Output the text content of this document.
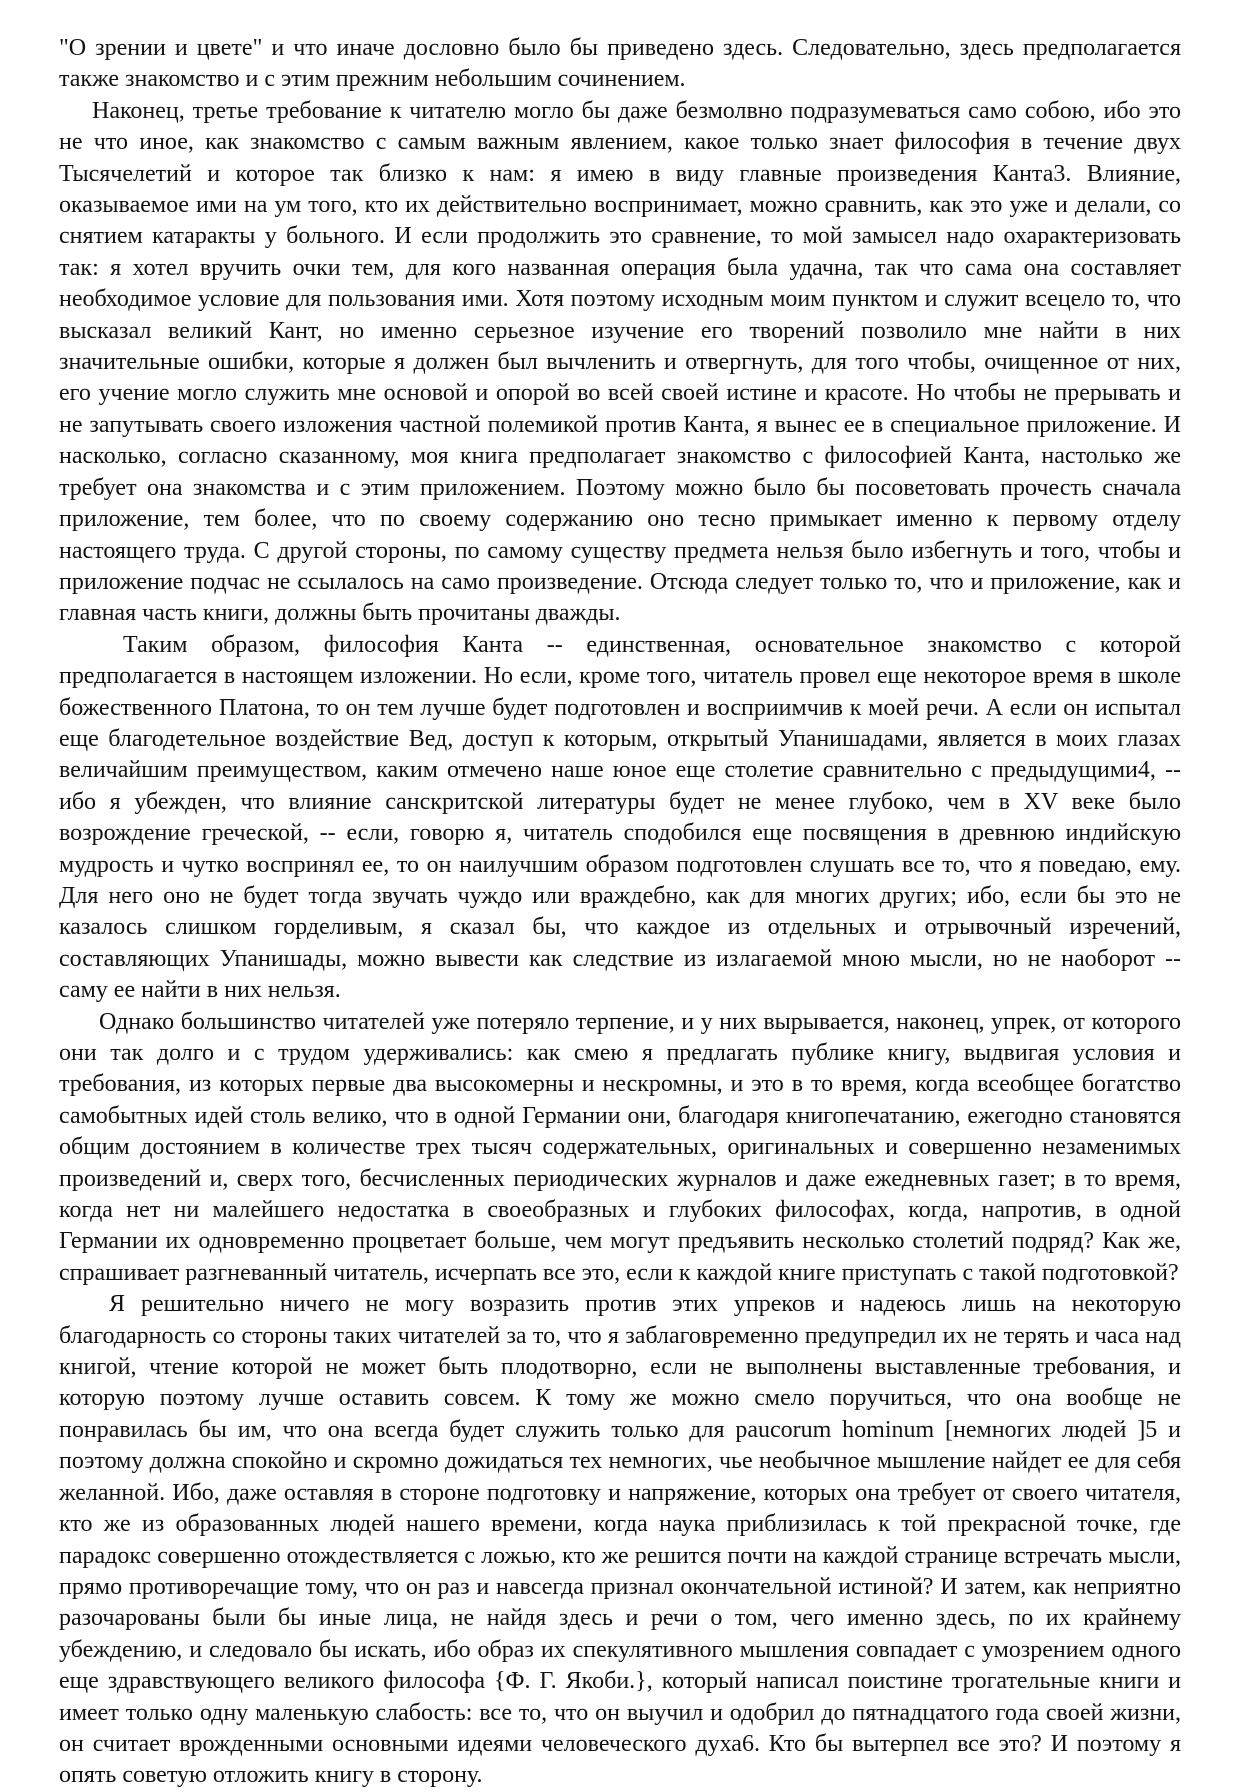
"О зрении и цвете" и что иначе дословно было бы приведено здесь. Следовательно, здесь предполагается также знакомство и с этим прежним небольшим сочинением.

Наконец, третье требование к читателю могло бы даже безмолвно подразумеваться само собою, ибо это не что иное, как знакомство с самым важным явлением, какое только знает философия в течение двух Тысячелетий и которое так близко к нам: я имею в виду главные произведения Канта3. Влияние, оказываемое ими на ум того, кто их действительно воспринимает, можно сравнить, как это уже и делали, со снятием катаракты у больного. И если продолжить это сравнение, то мой замысел надо охарактеризовать так: я хотел вручить очки тем, для кого названная операция была удачна, так что сама она составляет необходимое условие для пользования ими. Хотя поэтому исходным моим пунктом и служит всецело то, что высказал великий Кант, но именно серьезное изучение его творений позволило мне найти в них значительные ошибки, которые я должен был вычленить и отвергнуть, для того чтобы, очищенное от них, его учение могло служить мне основой и опорой во всей своей истине и красоте. Но чтобы не прерывать и не запутывать своего изложения частной полемикой против Канта, я вынес ее в специальное приложение. И насколько, согласно сказанному, моя книга предполагает знакомство с философией Канта, настолько же требует она знакомства и с этим приложением. Поэтому можно было бы посоветовать прочесть сначала приложение, тем более, что по своему содержанию оно тесно примыкает именно к первому отделу настоящего труда. С другой стороны, по самому существу предмета нельзя было избегнуть и того, чтобы и приложение подчас не ссылалось на само произведение. Отсюда следует только то, что и приложение, как и главная часть книги, должны быть прочитаны дважды.

Таким образом, философия Канта -- единственная, основательное знакомство с которой предполагается в настоящем изложении. Но если, кроме того, читатель провел еще некоторое время в школе божественного Платона, то он тем лучше будет подготовлен и восприимчив к моей речи. А если он испытал еще благодетельное воздействие Вед, доступ к которым, открытый Упанишадами, является в моих глазах величайшим преимуществом, каким отмечено наше юное еще столетие сравнительно с предыдущими4, -- ибо я убежден, что влияние санскритской литературы будет не менее глубоко, чем в XV веке было возрождение греческой, -- если, говорю я, читатель сподобился еще посвящения в древнюю индийскую мудрость и чутко воспринял ее, то он наилучшим образом подготовлен слушать все то, что я поведаю, ему. Для него оно не будет тогда звучать чуждо или враждебно, как для многих других; ибо, если бы это не казалось слишком горделивым, я сказал бы, что каждое из отдельных и отрывочный изречений, составляющих Упанишады, можно вывести как следствие из излагаемой мною мысли, но не наоборот -- саму ее найти в них нельзя.

Однако большинство читателей уже потеряло терпение, и у них вырывается, наконец, упрек, от которого они так долго и с трудом удерживались: как смею я предлагать публике книгу, выдвигая условия и требования, из которых первые два высокомерны и нескромны, и это в то время, когда всеобщее богатство самобытных идей столь велико, что в одной Германии они, благодаря книгопечатанию, ежегодно становятся общим достоянием в количестве трех тысяч содержательных, оригинальных и совершенно незаменимых произведений и, сверх того, бесчисленных периодических журналов и даже ежедневных газет; в то время, когда нет ни малейшего недостатка в своеобразных и глубоких философах, когда, напротив, в одной Германии их одновременно процветает больше, чем могут предъявить несколько столетий подряд? Как же, спрашивает разгневанный читатель, исчерпать все это, если к каждой книге приступать с такой подготовкой?

Я решительно ничего не могу возразить против этих упреков и надеюсь лишь на некоторую благодарность со стороны таких читателей за то, что я заблаговременно предупредил их не терять и часа над книгой, чтение которой не может быть плодотворно, если не выполнены выставленные требования, и которую поэтому лучше оставить совсем. К тому же можно смело поручиться, что она вообще не понравилась бы им, что она всегда будет служить только для paucorum hominum [немногих людей ]5 и поэтому должна спокойно и скромно дожидаться тех немногих, чье необычное мышление найдет ее для себя желанной. Ибо, даже оставляя в стороне подготовку и напряжение, которых она требует от своего читателя, кто же из образованных людей нашего времени, когда наука приблизилась к той прекрасной точке, где парадокс совершенно отождествляется с ложью, кто же решится почти на каждой странице встречать мысли, прямо противоречащие тому, что он раз и навсегда признал окончательной истиной? И затем, как неприятно разочарованы были бы иные лица, не найдя здесь и речи о том, чего именно здесь, по их крайнему убеждению, и следовало бы искать, ибо образ их спекулятивного мышления совпадает с умозрением одного еще здравствующего великого философа {Ф. Г. Якоби.}, который написал поистине трогательные книги и имеет только одну маленькую слабость: все то, что он выучил и одобрил до пятнадцатого года своей жизни, он считает врожденными основными идеями человеческого духа6. Кто бы вытерпел все это? И поэтому я опять советую отложить книгу в сторону.
